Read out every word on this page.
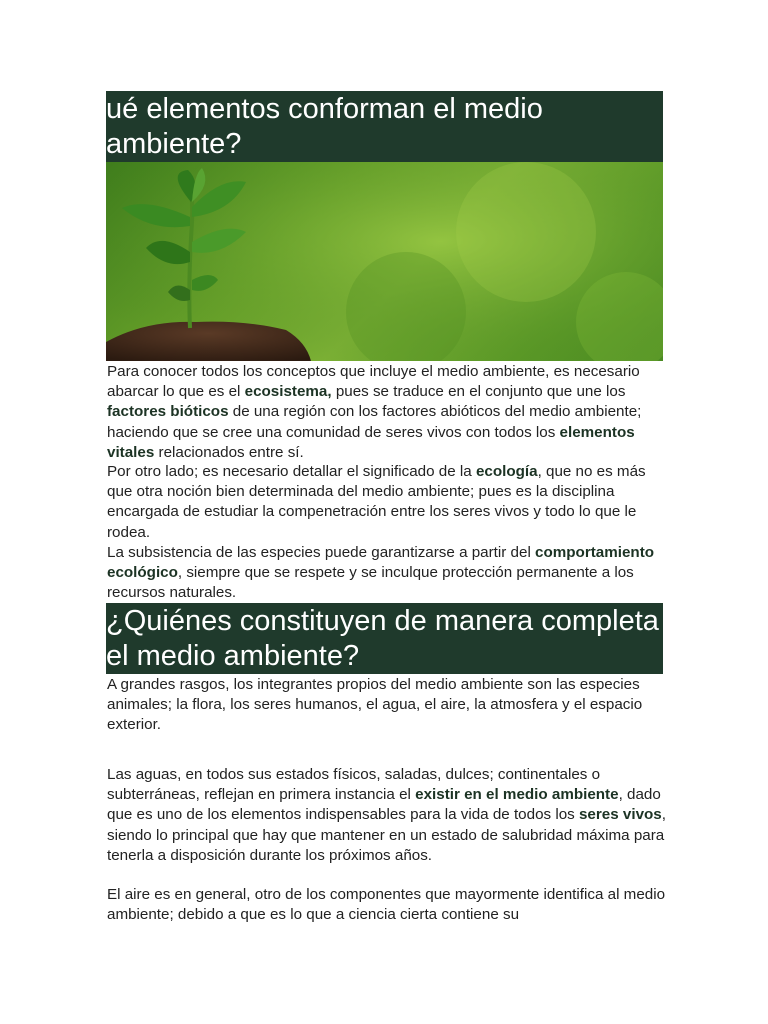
ué elementos conforman el medio ambiente?

Para conocer todos los conceptos que incluye el medio ambiente, es necesario abarcar lo que es el ecosistema, pues se traduce en el conjunto que une los factores bióticos de una región con los factores abióticos del medio ambiente; haciendo que se cree una comunidad de seres vivos con todos los elementos vitales relacionados entre sí.

Por otro lado; es necesario detallar el significado de la ecología, que no es más que otra noción bien determinada del medio ambiente; pues es la disciplina encargada de estudiar la compenetración entre los seres vivos y todo lo que le rodea.

La subsistencia de las especies puede garantizarse a partir del comportamiento ecológico, siempre que se respete y se inculque protección permanente a los recursos naturales.

¿Quiénes constituyen de manera completa el medio ambiente?

A grandes rasgos, los integrantes propios del medio ambiente son las especies animales; la flora, los seres humanos, el agua, el aire, la atmosfera y el espacio exterior.

Las aguas, en todos sus estados físicos, saladas, dulces; continentales o subterráneas, reflejan en primera instancia el existir en el medio ambiente, dado que es uno de los elementos indispensables para la vida de todos los seres vivos, siendo lo principal que hay que mantener en un estado de salubridad máxima para tenerla a disposición durante los próximos años.

El aire es en general, otro de los componentes que mayormente identifica al medio ambiente; debido a que es lo que a ciencia cierta contiene su
